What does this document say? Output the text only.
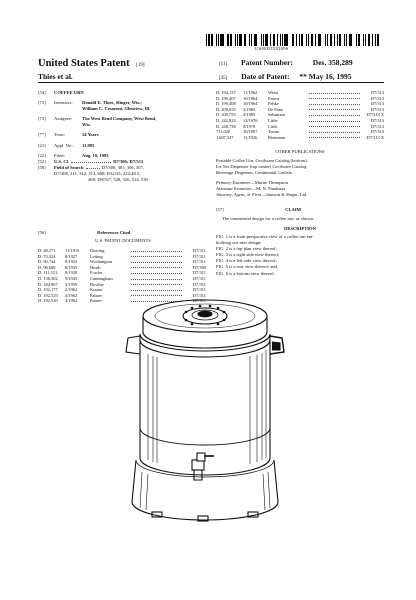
US00D358289S
United States Patent [19]
Thies et al.
[11] Patent Number:	Des. 358,289
[45] Date of Patent: ** May 16, 1995
[54] COFFEE URN
[75] Inventors: Donald E. Thies, Slinger, Wis.;
William C. Cesaroni, Glenview, Ill.
[73] Assignee: The West Bend Company, West Bend,
Wis.
[**] Term:	14 Years
[21] Appl. No.: 11,985
[22] Filed:	Aug. 19, 1993
[52] U.S. Cl.	D7/306; D7/313
[58] Field of Search	D7/300, 305, 306, 307,
D7/308, 311, 312, 313, 608; D32/35; 222/48.5,
468; D9/527, 528, 526, 524, 530
[56]	References Cited
U.S. PATENT DOCUMENTS
D. 48,171	11/1915	Doering	D7/311
D. 73,324	8/1927	Leiting	D7/311
D. 90,744	9/1933	Worthington	D7/311
D. 96,608	8/1935	Heath	D7/309
D. 111,151	9/1938	Fowler	D7/311
D. 136,302	9/1943	Cunningham	D7/311
D. 184,907	3/1959	Bowlby	D7/311
D. 192,177	2/1962	Krause	D7/311
D. 192,529	4/1962	Paister	D7/311
D. 192,530	4/1962	Paister	D7/311
D. 194,137	11/1962	Weiss	D7/313
D. 199,407	10/1964	Ernest	D7/313
D. 199,408	10/1964	Fehke	D7/313
D. 200,655	3/1965	De Fano	D7/313
D. 200,755	4/1965	Sebastian	D7/313 X
D. 242,824	12/1976	Little	D7/313
D. 248,738	8/1978	Little	D7/313
711,020	10/1907	Tetum	D7/313
1,607,547	11/1926	Riemman	D7/313 X
OTHER PUBLICATIONS
Portable Coffee Urn, Cecilware Catalog (bottom).
Ice Tea Dispenser (top center) Cecilware Catalog.
Beverage Dispenser, Continental Carlisle.
Primary Examiner—Martie Thompson
Assistant Examiner—M. N. Panduzzi
Attorney, Agent, or Firm—Jansson & Shupe, Ltd.
[57]	CLAIM
The ornamental design for a coffee urn, as shown.
DESCRIPTION
FIG. 1 is a front perspective view of a coffee urn em-
bodying our new design;
FIG. 2 is a top plan view thereof;
FIG. 3 is a right side view thereof;
FIG. 4 is a left side view thereof;
FIG. 5 is a rear view thereof; and,
FIG. 6 is a bottom view thereof.
